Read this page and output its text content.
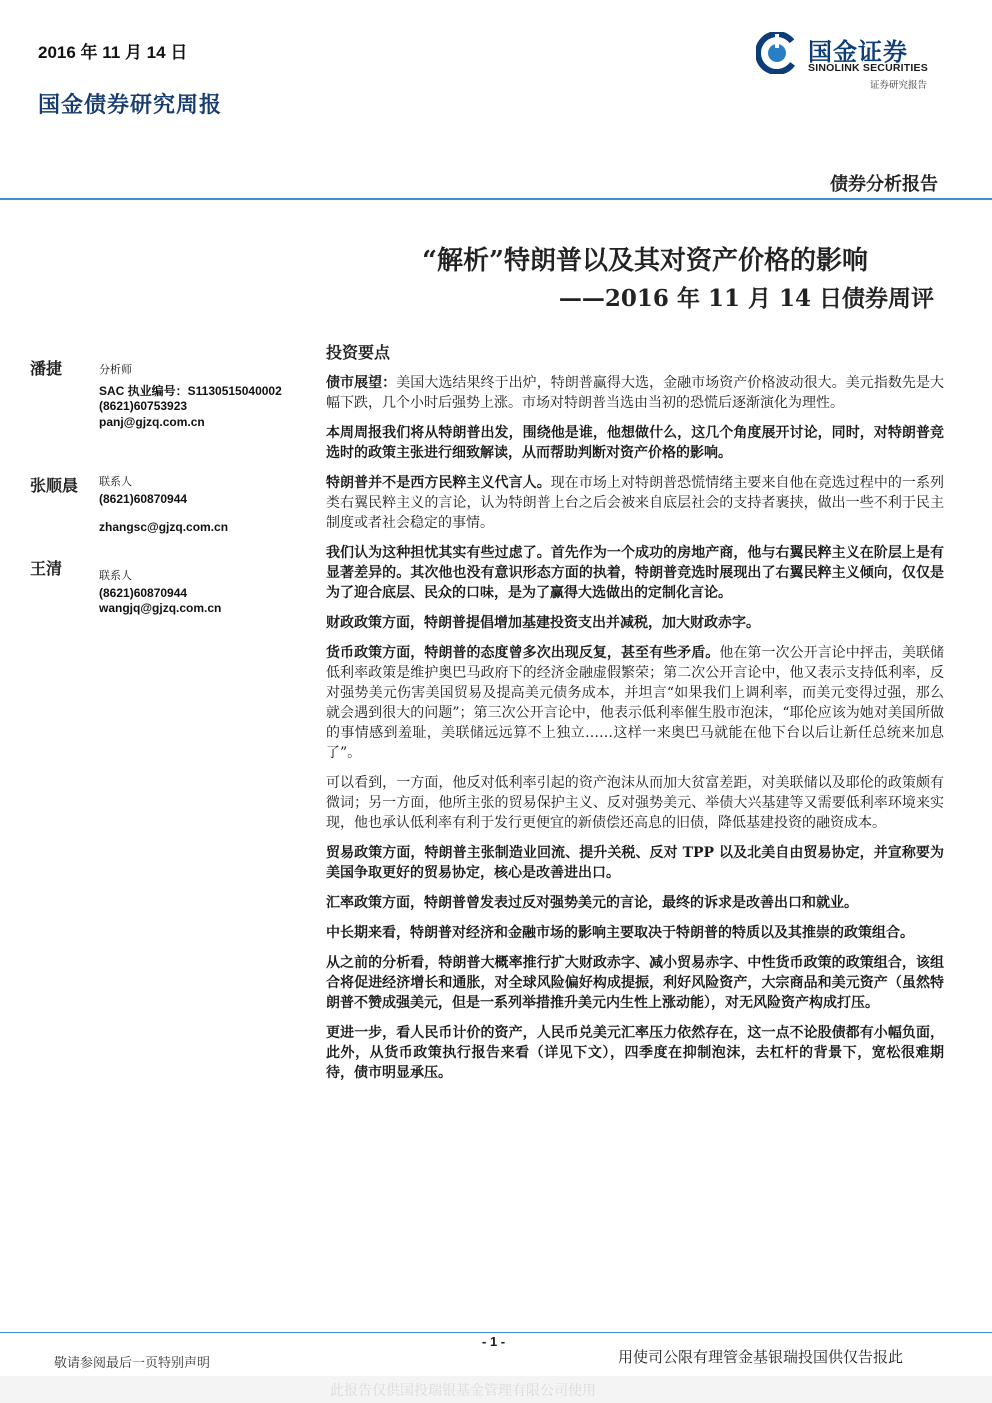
2016 年 11 月 14 日
国金债券研究周报
国金证券
SINOLINK SECURITIES
证券研究报告
债券分析报告
“解析”特朗普以及其对资产价格的影响
——2016 年 11 月 14 日债券周评
潘捷	分析师
SAC 执业编号：S1130515040002
(8621)60753923
panj@gjzq.com.cn
张顺晨 联系人
(8621)60870944
zhangsc@gjzq.com.cn
王清	联系人
(8621)60870944
wangjq@gjzq.com.cn
投资要点

债市展望：美国大选结果终于出炉，特朗普赢得大选，金融市场资产价格波动很大。美元指数先是大幅下跌，几个小时后强势上涨。市场对特朗普当选由当初的恐慌后逐渐演化为理性。

本周周报我们将从特朗普出发，围绕他是谁，他想做什么，这几个角度展开讨论，同时，对特朗普竞选时的政策主张进行细致解读，从而帮助判断对资产价格的影响。

特朗普并不是西方民粹主义代言人。现在市场上对特朗普恐慌情绪主要来自他在竞选过程中的一系列类右翼民粹主义的言论，认为特朗普上台之后会被来自底层社会的支持者裹挟，做出一些不利于民主制度或者社会稳定的事情。

我们认为这种担忧其实有些过虑了。首先作为一个成功的房地产商，他与右翼民粹主义在阶层上是有显著差异的。其次他也没有意识形态方面的执着，特朗普竞选时展现出了右翼民粹主义倾向，仅仅是为了迎合底层、民众的口味，是为了赢得大选做出的定制化言论。

财政政策方面，特朗普提倡增加基建投资支出并减税，加大财政赤字。

货币政策方面，特朗普的态度曾多次出现反复，甚至有些矛盾。他在第一次公开言论中抨击，美联储低利率政策是维护奥巴马政府下的经济金融虚假繁荣；第二次公开言论中，他又表示支持低利率，反对强势美元伤害美国贸易及提高美元债务成本，并坦言“如果我们上调利率，而美元变得过强，那么就会遇到很大的问题”；第三次公开言论中，他表示低利率催生股市泡沫，“耶伦应该为她对美国所做的事情感到羞耻，美联储远远算不上独立……这样一来奥巴马就能在他下台以后让新任总统来加息了”。

可以看到，一方面，他反对低利率引起的资产泡沫从而加大贫富差距，对美联储以及耶伦的政策颇有微词；另一方面，他所主张的贸易保护主义、反对强势美元、举债大兴基建等又需要低利率环境来实现，他也承认低利率有利于发行更便宜的新债偿还高息的旧债，降低基建投资的融资成本。

贸易政策方面，特朗普主张制造业回流、提升关税、反对 TPP 以及北美自由贸易协定，并宣称要为美国争取更好的贸易协定，核心是改善进出口。

汇率政策方面，特朗普曾发表过反对强势美元的言论，最终的诉求是改善出口和就业。

中长期来看，特朗普对经济和金融市场的影响主要取决于特朗普的特质以及其推崇的政策组合。

从之前的分析看，特朗普大概率推行扩大财政赤字、减小贸易赤字、中性货币政策的政策组合，该组合将促进经济增长和通胀，对全球风险偏好构成提振，利好风险资产，大宗商品和美元资产（虽然特朗普不赞成强美元，但是一系列举措推升美元内生性上涨动能），对无风险资产构成打压。

更进一步，看人民币计价的资产，人民币兑美元汇率压力依然存在，这一点不论股债都有小幅负面，此外，从货币政策执行报告来看（详见下文），四季度在抑制泡沫，去杠杆的背景下，宽松很难期待，债市明显承压。

- 1 -
敬请参阅最后一页特别声明	用使司公限有理管金基银瑞投国供仅告报此
此报告仅供国投瑞银基金管理有限公司使用
